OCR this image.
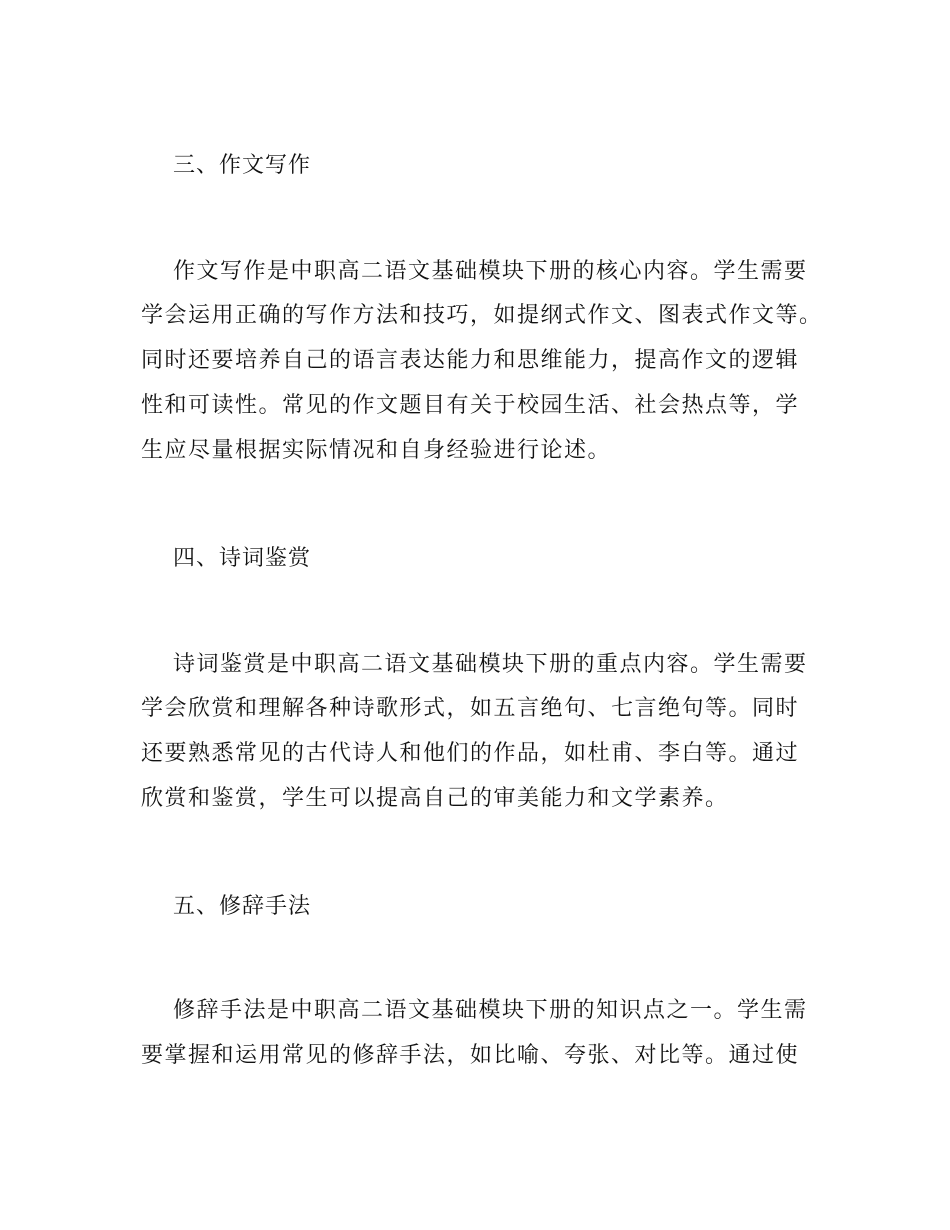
三、作文写作
作文写作是中职高二语文基础模块下册的核心内容。学生需要
学会运用正确的写作方法和技巧，如提纲式作文、图表式作文等。
同时还要培养自己的语言表达能力和思维能力，提高作文的逻辑
性和可读性。常见的作文题目有关于校园生活、社会热点等，学
生应尽量根据实际情况和自身经验进行论述。
四、诗词鉴赏
诗词鉴赏是中职高二语文基础模块下册的重点内容。学生需要
学会欣赏和理解各种诗歌形式，如五言绝句、七言绝句等。同时
还要熟悉常见的古代诗人和他们的作品，如杜甫、李白等。通过
欣赏和鉴赏，学生可以提高自己的审美能力和文学素养。
五、修辞手法
修辞手法是中职高二语文基础模块下册的知识点之一。学生需
要掌握和运用常见的修辞手法，如比喻、夸张、对比等。通过使
